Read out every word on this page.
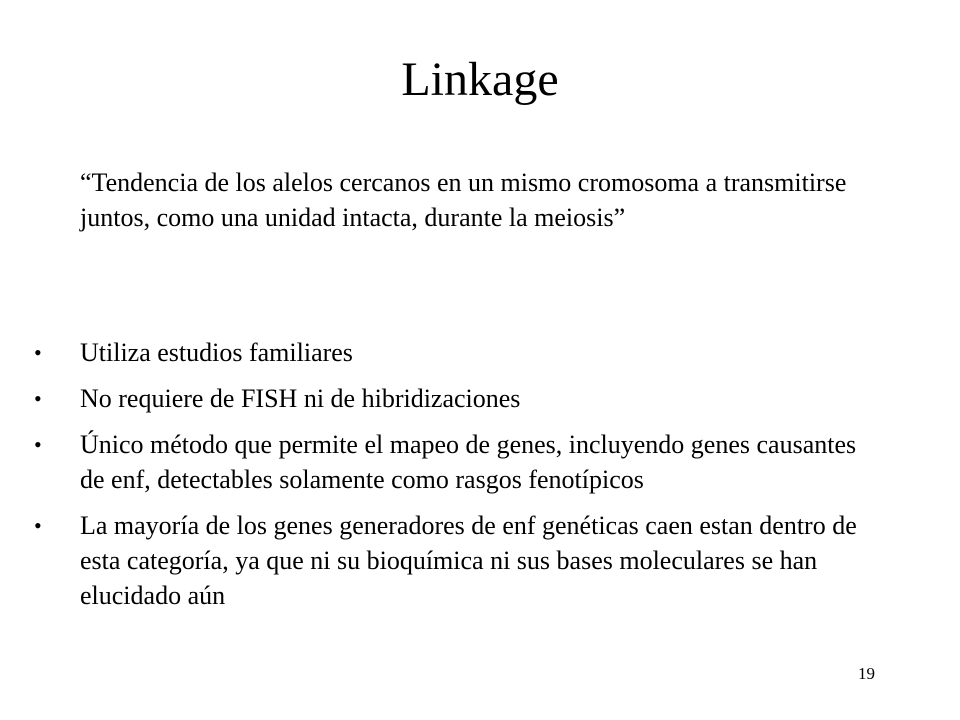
Linkage

“Tendencia de los alelos cercanos en un mismo cromosoma a transmitirse juntos, como una unidad intacta, durante la meiosis”

• Utiliza estudios familiares
• No requiere de FISH ni de hibridizaciones
• Único método que permite el mapeo de genes, incluyendo genes causantes de enf, detectables solamente como rasgos fenotípicos
• La mayoría de los genes generadores de enf genéticas caen estan dentro de esta categoría, ya que ni su bioquímica ni sus bases moleculares se han elucidado aún
19
